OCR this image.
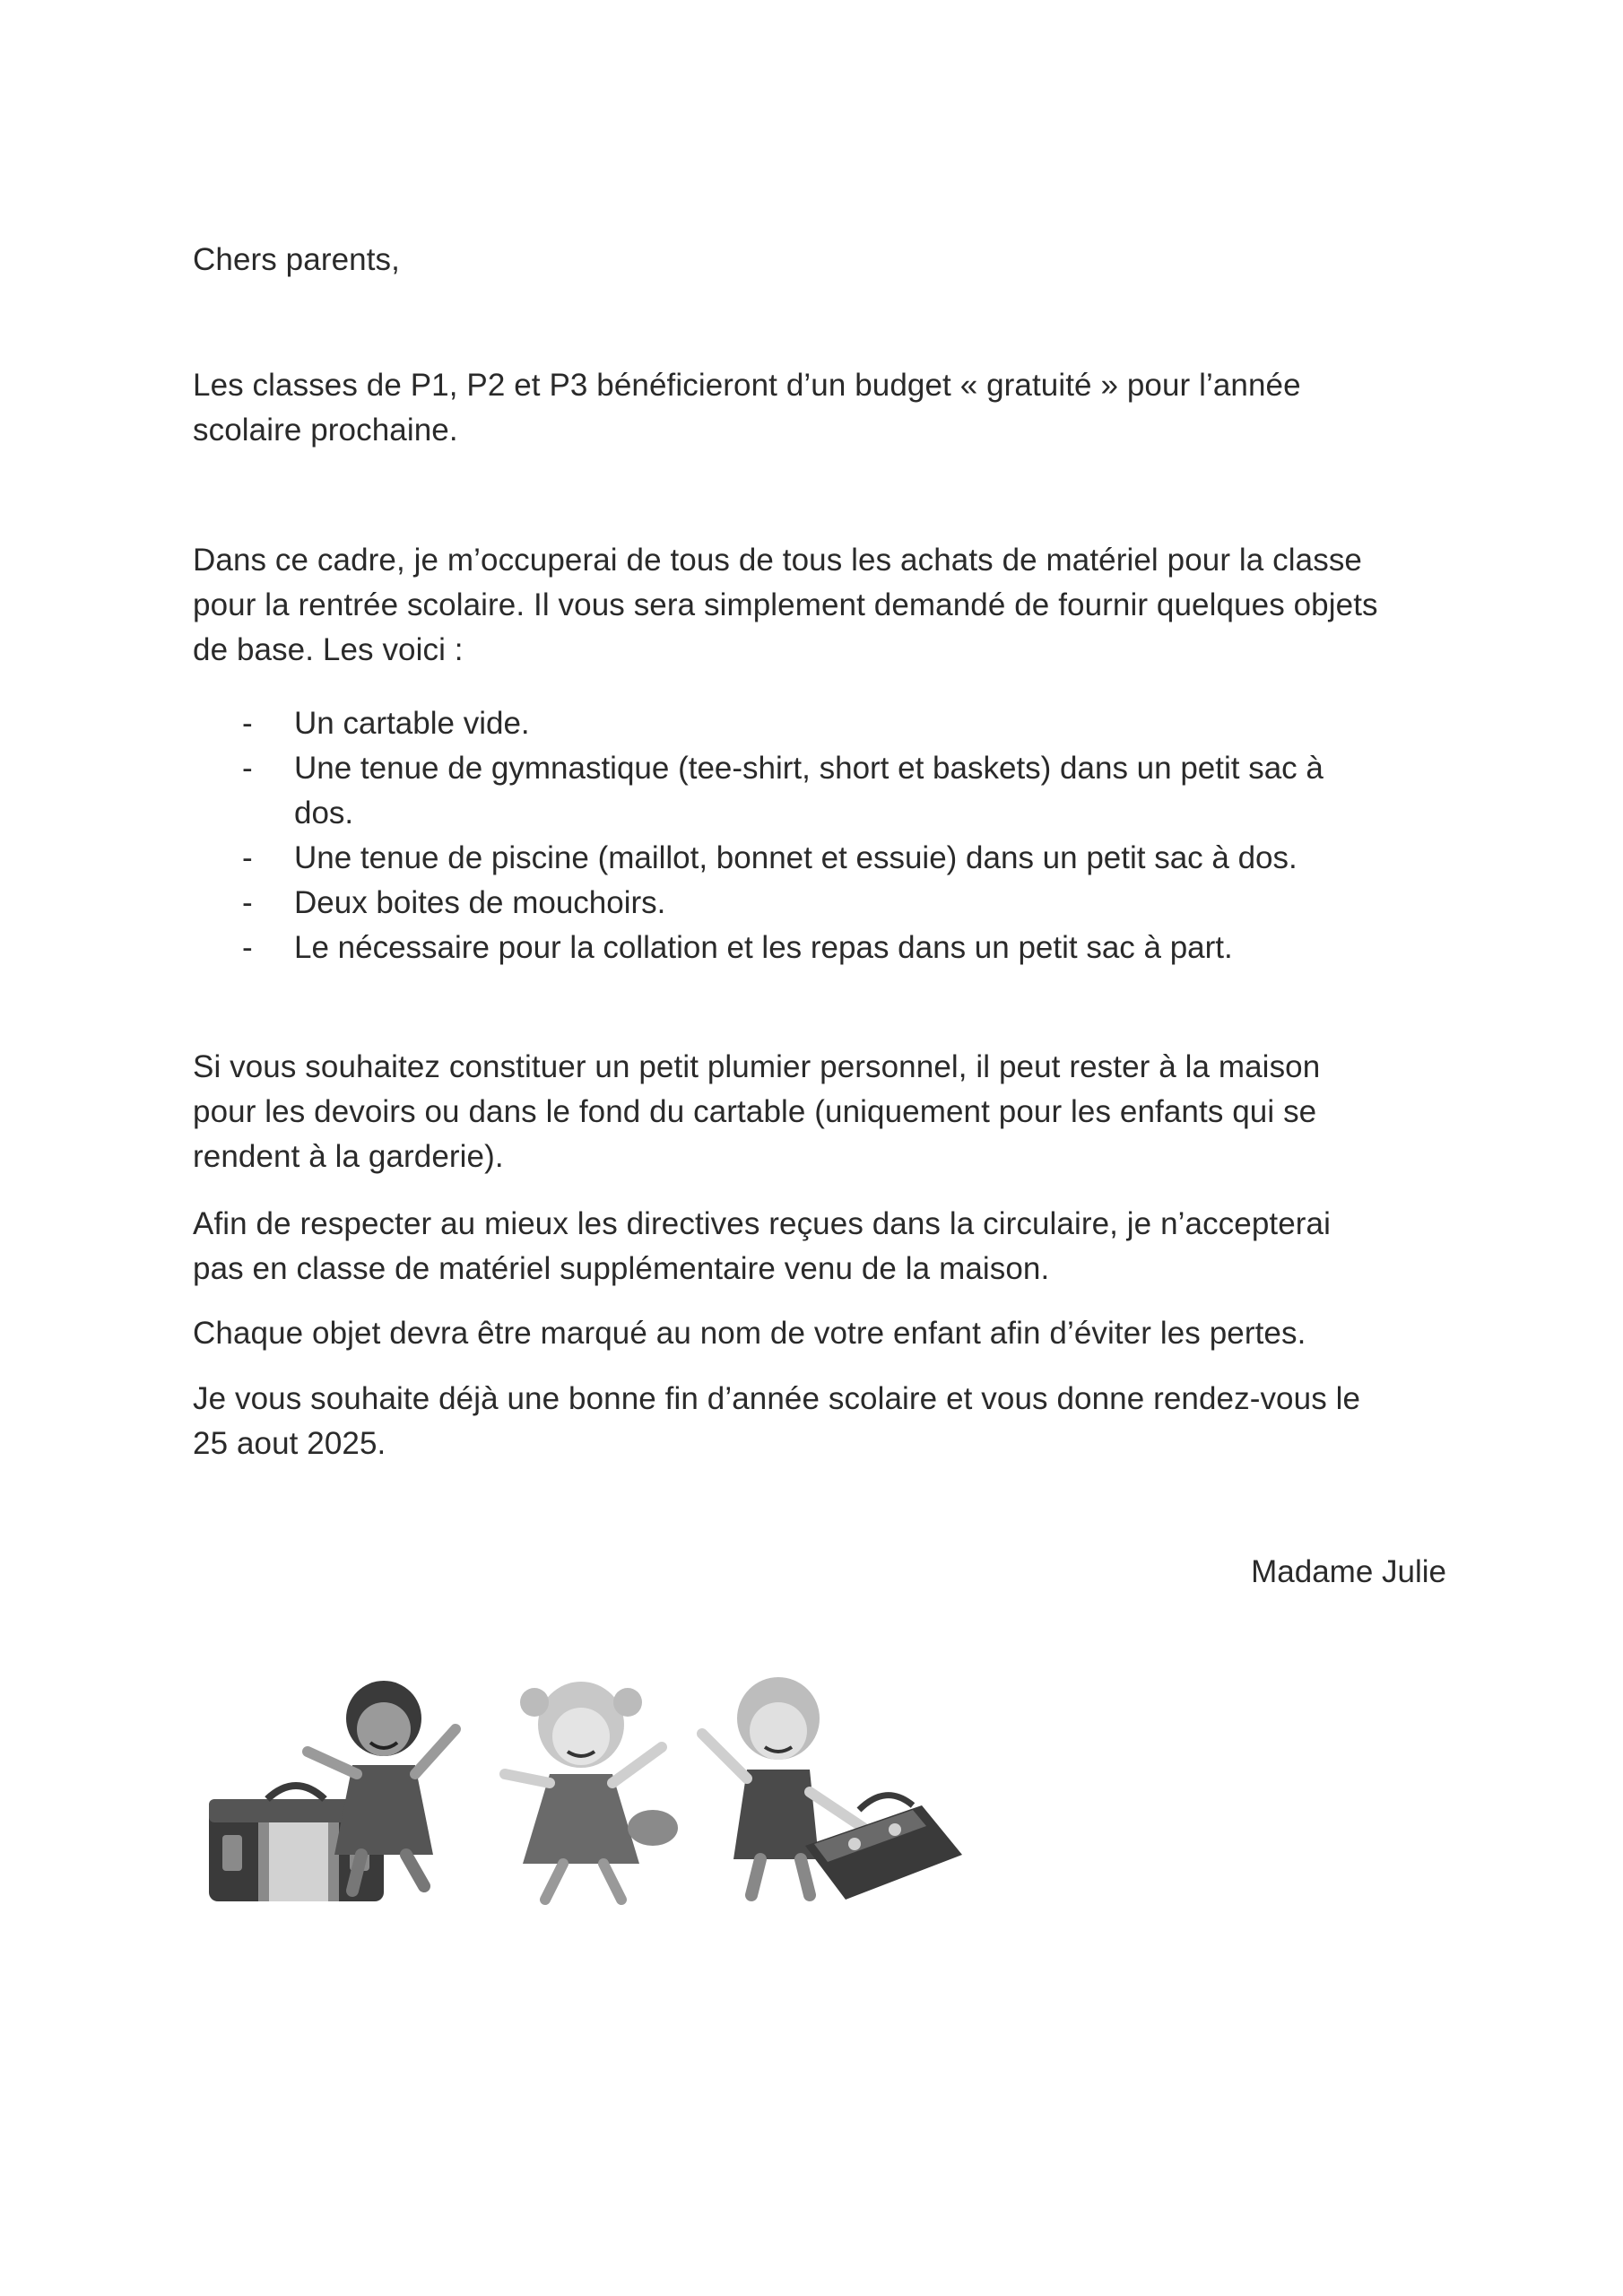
Chers parents,

Les classes de P1, P2 et P3 bénéficieront d’un budget « gratuité » pour l’année
scolaire prochaine.

Dans ce cadre, je m’occuperai de tous de tous les achats de matériel pour la classe
pour la rentrée scolaire. Il vous sera simplement demandé de fournir quelques objets
de base. Les voici :

- Un cartable vide.
- Une tenue de gymnastique (tee-shirt, short et baskets) dans un petit sac à
dos.
- Une tenue de piscine (maillot, bonnet et essuie) dans un petit sac à dos.
- Deux boites de mouchoirs.
- Le nécessaire pour la collation et les repas dans un petit sac à part.

Si vous souhaitez constituer un petit plumier personnel, il peut rester à la maison
pour les devoirs ou dans le fond du cartable (uniquement pour les enfants qui se
rendent à la garderie).

Afin de respecter au mieux les directives reçues dans la circulaire, je n’accepterai
pas en classe de matériel supplémentaire venu de la maison.

Chaque objet devra être marqué au nom de votre enfant afin d’éviter les pertes.

Je vous souhaite déjà une bonne fin d’année scolaire et vous donne rendez-vous le
25 aout 2025.

Madame Julie
